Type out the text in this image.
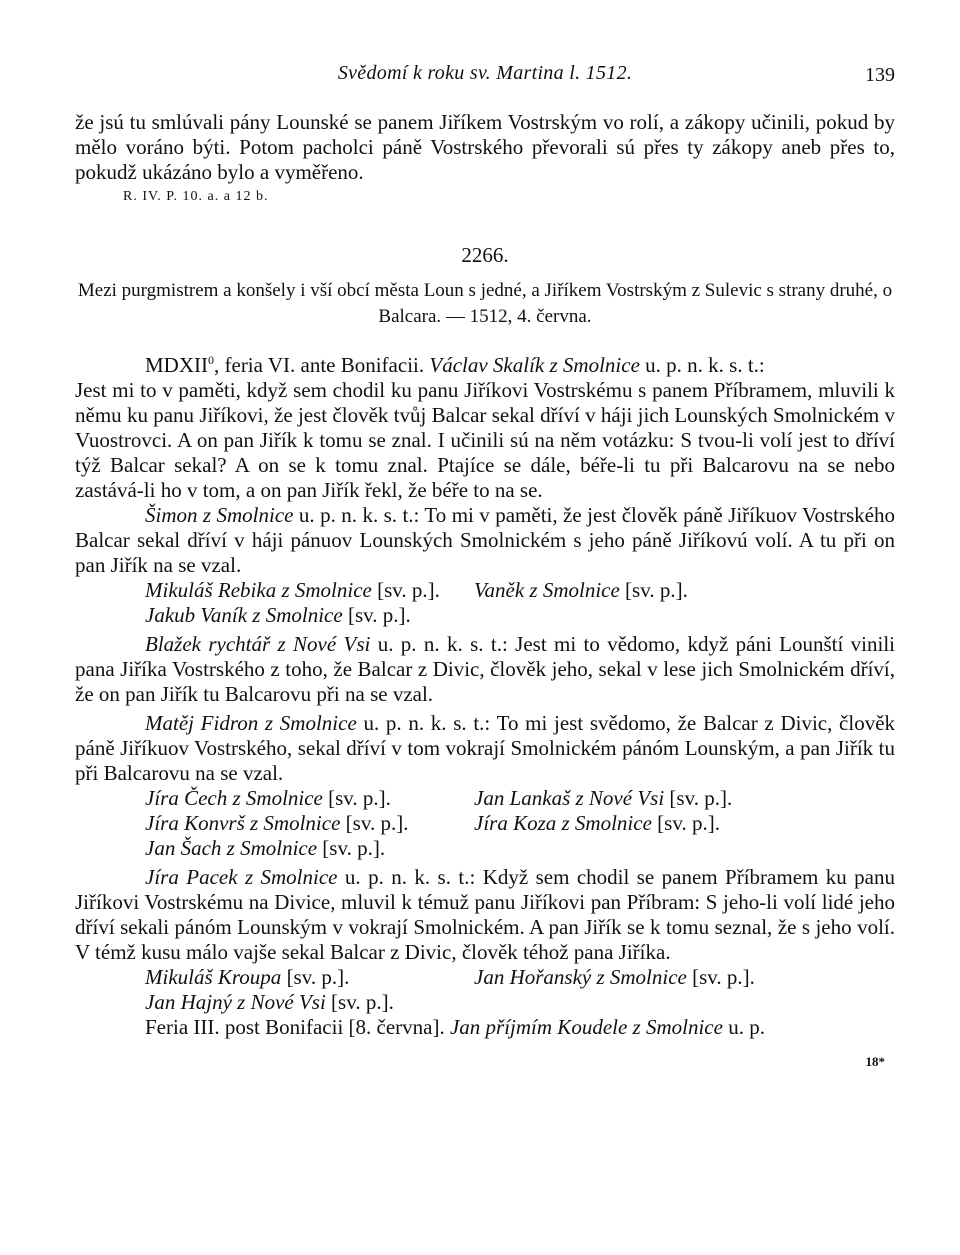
Svědomí k roku sv. Martina l. 1512.	139

že jsú tu smlúvali pány Lounské se panem Jiříkem Vostrským vo rolí, a zákopy učinili, pokud by mělo voráno býti. Potom pacholci páně Vostrského převorali sú přes ty zákopy aneb přes to, pokudž ukázáno bylo a vyměřeno.

R. IV. P. 10. a. a 12 b.
2266.
Mezi purgmistrem a konšely i vší obcí města Loun s jedné, a Jiříkem Vostrským z Sulevic s strany druhé, o Balcara. — 1512, 4. června.

MDXII$^0$, feria VI. ante Bonifacii. Václav Skalík z Smolnice u. p. n. k. s. t.:

Jest mi to v paměti, když sem chodil ku panu Jiříkovi Vostrskému s panem Příbramem, mluvili k němu ku panu Jiříkovi, že jest člověk tvůj Balcar sekal dříví v háji jich Lounských Smolnickém v Vuostrovci. A on pan Jiřík k tomu se znal. I učinili sú na něm votázku: S tvou-li volí jest to dříví týž Balcar sekal? A on se k tomu znal. Ptajíce se dále, béře-li tu při Balcarovu na se nebo zastává-li ho v tom, a on pan Jiřík řekl, že béře to na se.

Šimon z Smolnice u. p. n. k. s. t.: To mi v paměti, že jest člověk páně Jiříkuov Vostrského Balcar sekal dříví v háji pánuov Lounských Smolnickém s jeho páně Jiříkovú volí. A tu při on pan Jiřík na se vzal.

Mikuláš Rebika z Smolnice [sv. p.].	Vaněk z Smolnice [sv. p.].
Jakub Vaník z Smolnice [sv. p.].

Blažek rychtář z Nové Vsi u. p. n. k. s. t.: Jest mi to vědomo, když páni Lounští vinili pana Jiříka Vostrského z toho, že Balcar z Divic, člověk jeho, sekal v lese jich Smolnickém dříví, že on pan Jiřík tu Balcarovu při na se vzal.

Matěj Fidron z Smolnice u. p. n. k. s. t.: To mi jest svědomo, že Balcar z Divic, člověk páně Jiříkuov Vostrského, sekal dříví v tom vokrají Smolnickém pánóm Lounským, a pan Jiřík tu při Balcarovu na se vzal.

Jíra Čech z Smolnice [sv. p.].	Jan Lankaš z Nové Vsi [sv. p.].
Jíra Konvrš z Smolnice [sv. p.].	Jíra Koza z Smolnice [sv. p.].
Jan Šach z Smolnice [sv. p.].

Jíra Pacek z Smolnice u. p. n. k. s. t.: Když sem chodil se panem Příbramem ku panu Jiříkovi Vostrskému na Divice, mluvil k témuž panu Jiříkovi pan Příbram: S jeho-li volí lidé jeho dříví sekali pánóm Lounským v vokrají Smolnickém. A pan Jiřík se k tomu seznal, že s jeho volí. V témž kusu málo vajše sekal Balcar z Divic, člověk téhož pana Jiříka.

Mikuláš Kroupa [sv. p.].	Jan Hořanský z Smolnice [sv. p.].
Jan Hajný z Nové Vsi [sv. p.].

Feria III. post Bonifacii [8. června]. Jan příjmím Koudele z Smolnice u. p.

18*
